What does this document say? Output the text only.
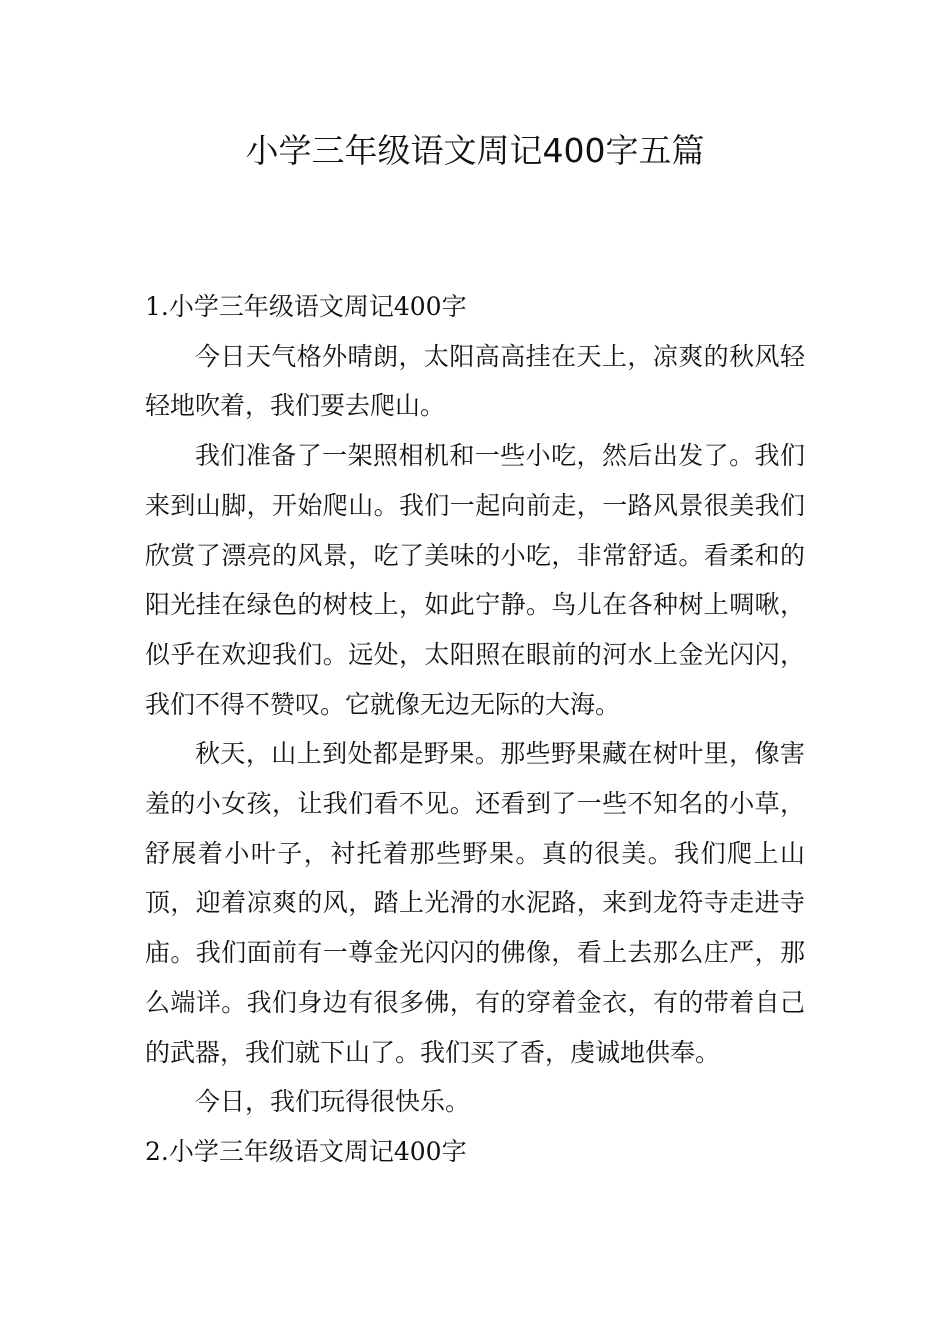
小学三年级语文周记400字五篇

1.小学三年级语文周记400字

今日天气格外晴朗，太阳高高挂在天上，凉爽的秋风轻轻地吹着，我们要去爬山。

我们准备了一架照相机和一些小吃，然后出发了。我们来到山脚，开始爬山。我们一起向前走，一路风景很美我们欣赏了漂亮的风景，吃了美味的小吃，非常舒适。看柔和的阳光挂在绿色的树枝上，如此宁静。鸟儿在各种树上啁啾，似乎在欢迎我们。远处，太阳照在眼前的河水上金光闪闪，我们不得不赞叹。它就像无边无际的大海。

秋天，山上到处都是野果。那些野果藏在树叶里，像害羞的小女孩，让我们看不见。还看到了一些不知名的小草，舒展着小叶子，衬托着那些野果。真的很美。我们爬上山顶，迎着凉爽的风，踏上光滑的水泥路，来到龙符寺走进寺庙。我们面前有一尊金光闪闪的佛像，看上去那么庄严，那么端详。我们身边有很多佛，有的穿着金衣，有的带着自己的武器，我们就下山了。我们买了香，虔诚地供奉。

今日，我们玩得很快乐。

2.小学三年级语文周记400字
